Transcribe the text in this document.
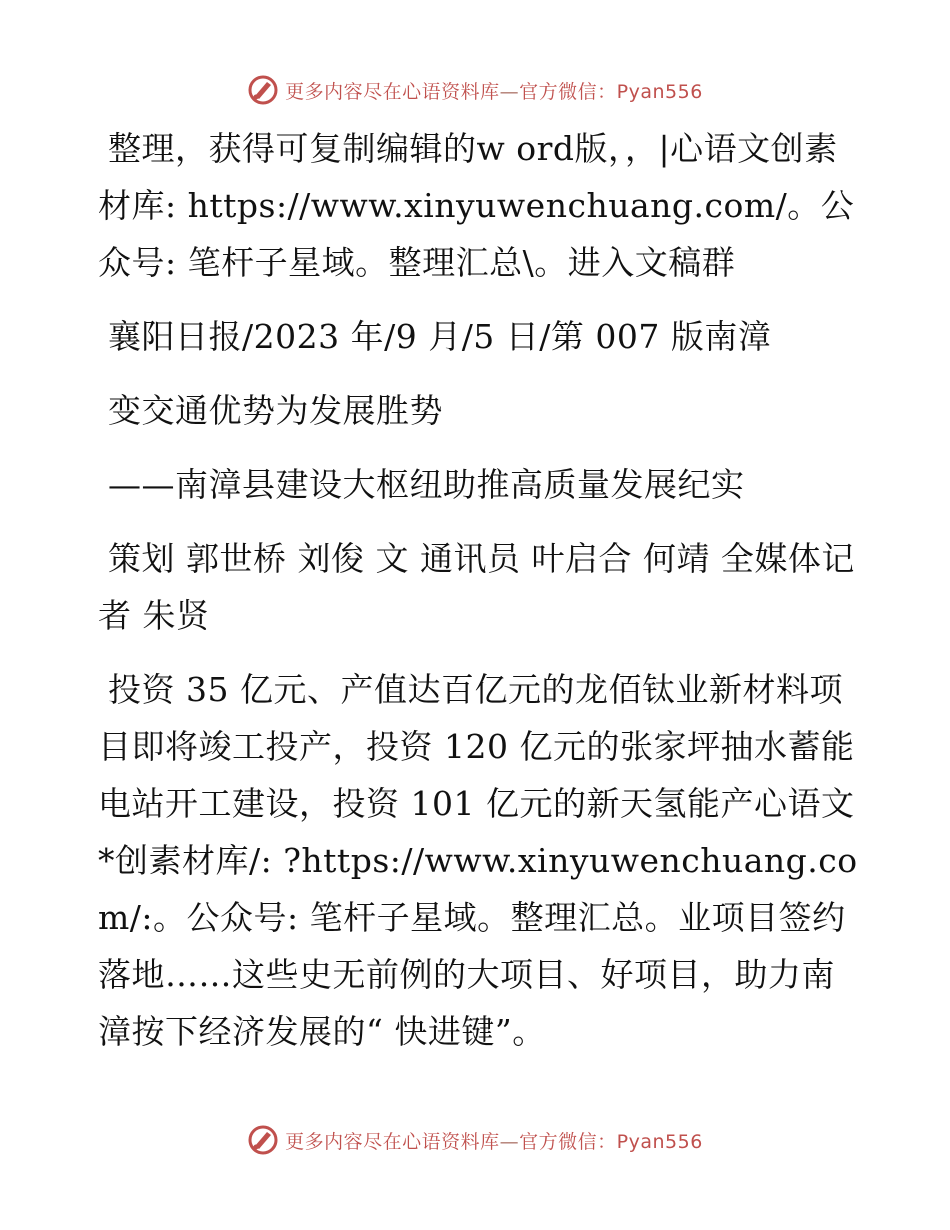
更多内容尽在心语资料库—官方微信：Pyan556

整理，获得可复制编辑的w ord版，，|心语文创素材库: https://www.xinyuwenchuang.com/。公众号: 笔杆子星域。整理汇总\。进入文稿群

襄阳日报/2023 年/9 月/5 日/第 007 版南漳

变交通优势为发展胜势

——南漳县建设大枢纽助推高质量发展纪实

策划 郭世桥 刘俊 文 通讯员 叶启合 何靖 全媒体记者 朱贤

投资 35 亿元、产值达百亿元的龙佰钛业新材料项目即将竣工投产，投资 120 亿元的张家坪抽水蓄能电站开工建设，投资 101 亿元的新天氢能产心语文*创素材库/: ?https://www.xinyuwenchuang.com/:。公众号: 笔杆子星域。整理汇总。业项目签约落地……这些史无前例的大项目、好项目，助力南漳按下经济发展的“ 快进键”。

更多内容尽在心语资料库—官方微信：Pyan556
